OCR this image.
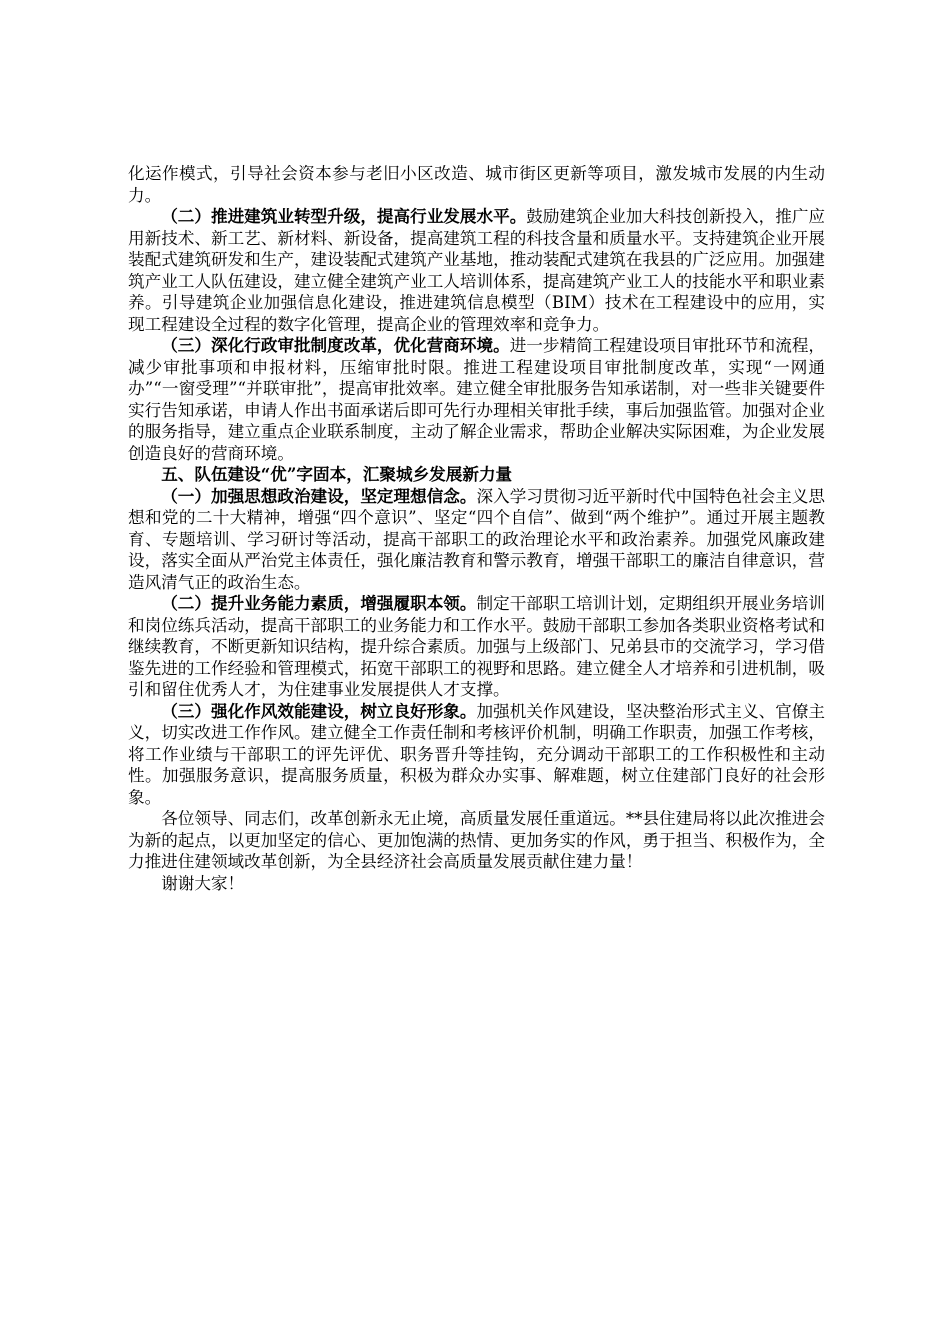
化运作模式，引导社会资本参与老旧小区改造、城市街区更新等项目，激发城市发展的内生动力。

（二）推进建筑业转型升级，提高行业发展水平。鼓励建筑企业加大科技创新投入，推广应用新技术、新工艺、新材料、新设备，提高建筑工程的科技含量和质量水平。支持建筑企业开展装配式建筑研发和生产，建设装配式建筑产业基地，推动装配式建筑在我县的广泛应用。加强建筑产业工人队伍建设，建立健全建筑产业工人培训体系，提高建筑产业工人的技能水平和职业素养。引导建筑企业加强信息化建设，推进建筑信息模型（BIM）技术在工程建设中的应用，实现工程建设全过程的数字化管理，提高企业的管理效率和竞争力。

（三）深化行政审批制度改革，优化营商环境。进一步精简工程建设项目审批环节和流程，减少审批事项和申报材料，压缩审批时限。推进工程建设项目审批制度改革，实现“一网通办”“一窗受理”“并联审批”，提高审批效率。建立健全审批服务告知承诺制，对一些非关键要件实行告知承诺，申请人作出书面承诺后即可先行办理相关审批手续，事后加强监管。加强对企业的服务指导，建立重点企业联系制度，主动了解企业需求，帮助企业解决实际困难，为企业发展创造良好的营商环境。

五、队伍建设“优”字固本，汇聚城乡发展新力量

（一）加强思想政治建设，坚定理想信念。深入学习贯彻习近平新时代中国特色社会主义思想和党的二十大精神，增强“四个意识”、坚定“四个自信”、做到“两个维护”。通过开展主题教育、专题培训、学习研讨等活动，提高干部职工的政治理论水平和政治素养。加强党风廉政建设，落实全面从严治党主体责任，强化廉洁教育和警示教育，增强干部职工的廉洁自律意识，营造风清气正的政治生态。

（二）提升业务能力素质，增强履职本领。制定干部职工培训计划，定期组织开展业务培训和岗位练兵活动，提高干部职工的业务能力和工作水平。鼓励干部职工参加各类职业资格考试和继续教育，不断更新知识结构，提升综合素质。加强与上级部门、兄弟县市的交流学习，学习借鉴先进的工作经验和管理模式，拓宽干部职工的视野和思路。建立健全人才培养和引进机制，吸引和留住优秀人才，为住建事业发展提供人才支撑。

（三）强化作风效能建设，树立良好形象。加强机关作风建设，坚决整治形式主义、官僚主义，切实改进工作作风。建立健全工作责任制和考核评价机制，明确工作职责，加强工作考核，将工作业绩与干部职工的评先评优、职务晋升等挂钩，充分调动干部职工的工作积极性和主动性。加强服务意识，提高服务质量，积极为群众办实事、解难题，树立住建部门良好的社会形象。

各位领导、同志们，改革创新永无止境，高质量发展任重道远。**县住建局将以此次推进会为新的起点，以更加坚定的信心、更加饱满的热情、更加务实的作风，勇于担当、积极作为，全力推进住建领域改革创新，为全县经济社会高质量发展贡献住建力量！

谢谢大家！
